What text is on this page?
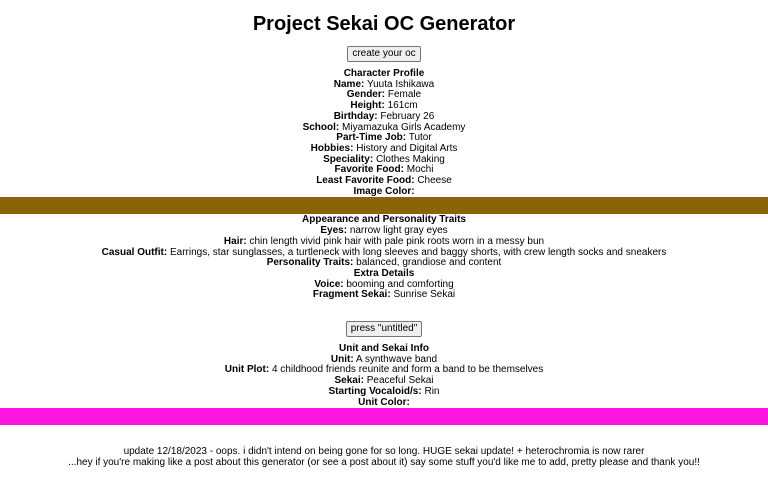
Project Sekai OC Generator
create your oc
Character Profile
Name: Yuuta Ishikawa
Gender: Female
Height: 161cm
Birthday: February 26
School: Miyamazuka Girls Academy
Part-Time Job: Tutor
Hobbies: History and Digital Arts
Speciality: Clothes Making
Favorite Food: Mochi
Least Favorite Food: Cheese
Image Color:
Appearance and Personality Traits
Eyes: narrow light gray eyes
Hair: chin length vivid pink hair with pale pink roots worn in a messy bun
Casual Outfit: Earrings, star sunglasses, a turtleneck with long sleeves and baggy shorts, with crew length socks and sneakers
Personality Traits: balanced, grandiose and content
Extra Details
Voice: booming and comforting
Fragment Sekai: Sunrise Sekai
press "untitled"
Unit and Sekai Info
Unit: A synthwave band
Unit Plot: 4 childhood friends reunite and form a band to be themselves
Sekai: Peaceful Sekai
Starting Vocaloid/s: Rin
Unit Color:
update 12/18/2023 - oops. i didn't intend on being gone for so long. HUGE sekai update! + heterochromia is now rarer
...hey if you're making like a post about this generator (or see a post about it) say some stuff you'd like me to add, pretty please and thank you!!
